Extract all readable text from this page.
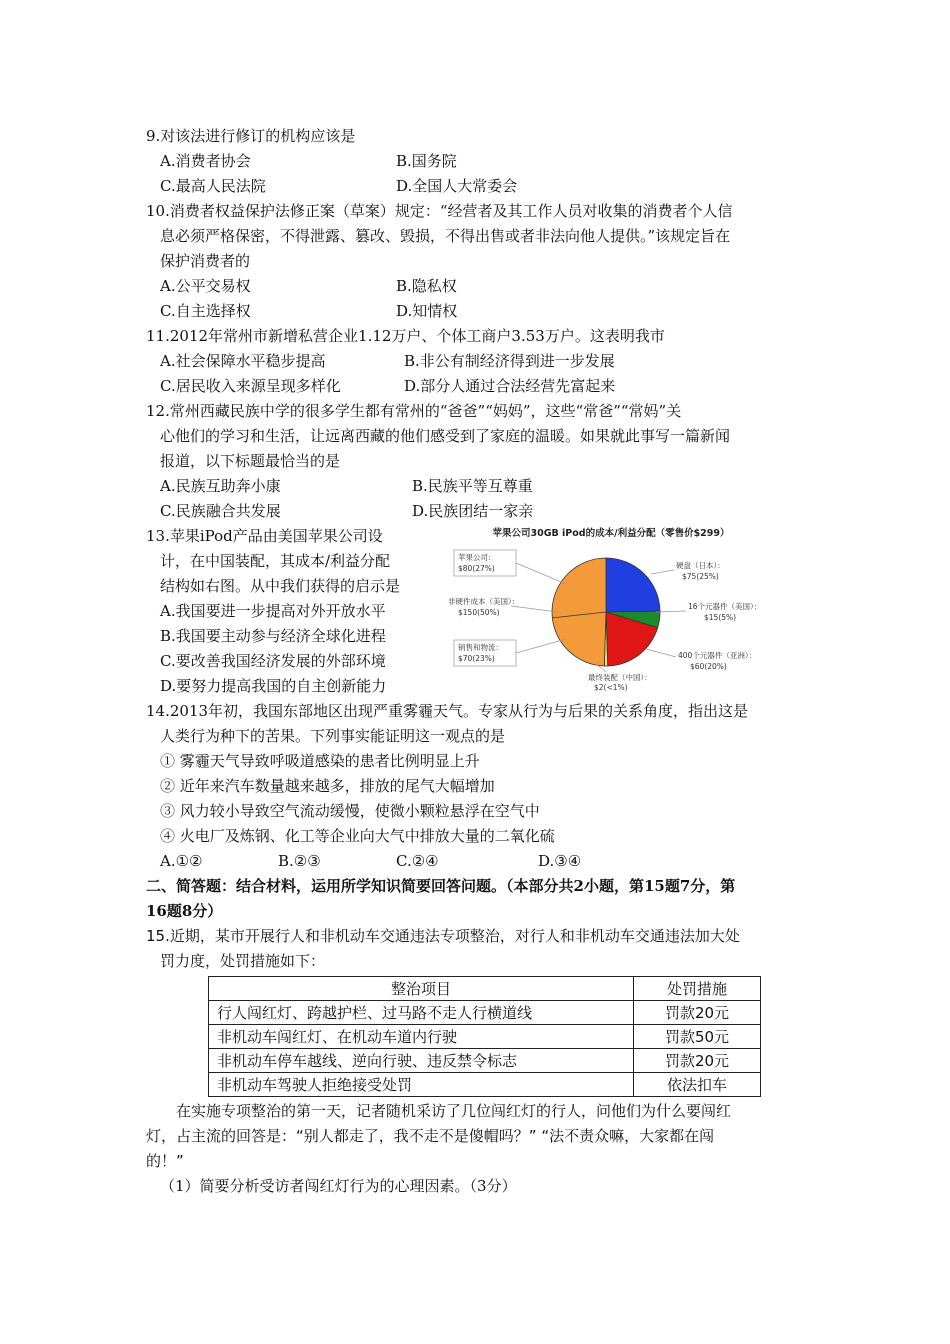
9.对该法进行修订的机构应该是
A.消费者协会	B.国务院
C.最高人民法院	D.全国人大常委会
10.消费者权益保护法修正案（草案）规定：“经营者及其工作人员对收集的消费者个人信
息必须严格保密，不得泄露、篡改、毁损，不得出售或者非法向他人提供。”该规定旨在
保护消费者的
A.公平交易权	B.隐私权
C.自主选择权	D.知情权
11.2012年常州市新增私营企业1.12万户、个体工商户3.53万户。这表明我市
A.社会保障水平稳步提高	B.非公有制经济得到进一步发展
C.居民收入来源呈现多样化	D.部分人通过合法经营先富起来
12.常州西藏民族中学的很多学生都有常州的“爸爸”“妈妈”，这些“常爸”“常妈”关
心他们的学习和生活，让远离西藏的他们感受到了家庭的温暖。如果就此事写一篇新闻
报道，以下标题最恰当的是
A.民族互助奔小康	B.民族平等互尊重
C.民族融合共发展	D.民族团结一家亲
13.苹果iPod产品由美国苹果公司设
计，在中国装配，其成本/利益分配
结构如右图。从中我们获得的启示是
A.我国要进一步提高对外开放水平
B.我国要主动参与经济全球化进程
C.要改善我国经济发展的外部环境
D.要努力提高我国的自主创新能力
苹果公司30GB iPod的成本/利益分配（零售价$299）
苹果公司：
$80(27%)
非硬件成本（美国）：
$150(50%)
销售和物流：
$70(23%)
硬盘（日本）：
$75(25%)
16个元器件（美国）：
$15(5%)
400个元器件（亚洲）：
$60(20%)
最终装配（中国）：
$2(<1%)
14.2013年初，我国东部地区出现严重雾霾天气。专家从行为与后果的关系角度，指出这是
人类行为种下的苦果。下列事实能证明这一观点的是
① 雾霾天气导致呼吸道感染的患者比例明显上升
② 近年来汽车数量越来越多，排放的尾气大幅增加
③ 风力较小导致空气流动缓慢，使微小颗粒悬浮在空气中
④ 火电厂及炼钢、化工等企业向大气中排放大量的二氧化硫
A.①②	B.②③	C.②④	D.③④
二、简答题：结合材料，运用所学知识简要回答问题。（本部分共2小题，第15题7分，第
16题8分）
15.近期，某市开展行人和非机动车交通违法专项整治，对行人和非机动车交通违法加大处
罚力度，处罚措施如下：
整治项目	处罚措施
行人闯红灯、跨越护栏、过马路不走人行横道线	罚款20元
非机动车闯红灯、在机动车道内行驶	罚款50元
非机动车停车越线、逆向行驶、违反禁令标志	罚款20元
非机动车驾驶人拒绝接受处罚	依法扣车
在实施专项整治的第一天，记者随机采访了几位闯红灯的行人，问他们为什么要闯红
灯，占主流的回答是：“别人都走了，我不走不是傻帽吗？” “法不责众嘛，大家都在闯
的！”
（1）简要分析受访者闯红灯行为的心理因素。（3分）
